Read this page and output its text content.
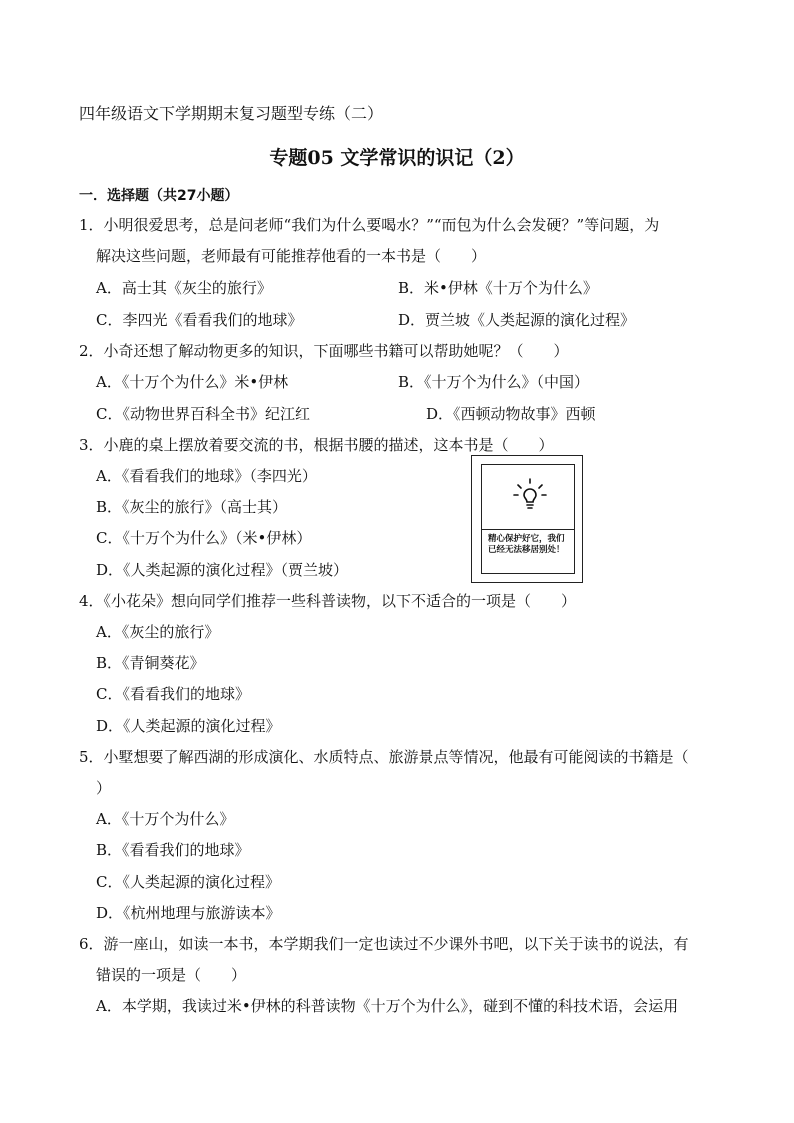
四年级语文下学期期末复习题型专练（二）
专题05 文学常识的识记（2）
一．选择题（共27小题）
1．小明很爱思考，总是问老师“我们为什么要喝水？”“而包为什么会发硬？”等问题，为
解决这些问题，老师最有可能推荐他看的一本书是（　　）
A．高士其《灰尘的旅行》	B．米•伊林《十万个为什么》
C．李四光《看看我们的地球》	D．贾兰坡《人类起源的演化过程》
2．小奇还想了解动物更多的知识，下面哪些书籍可以帮助她呢？（　　）
A．《十万个为什么》米•伊林	B．《十万个为什么》（中国）
C．《动物世界百科全书》纪江红	D．《西顿动物故事》西顿
3．小鹿的桌上摆放着要交流的书，根据书腰的描述，这本书是（　　）
A．《看看我们的地球》（李四光）
B．《灰尘的旅行》（高士其）
C．《十万个为什么》（米•伊林）
D．《人类起源的演化过程》（贾兰坡）
精心保护好它，我们已经无法移居别处！
4．《小花朵》想向同学们推荐一些科普读物，以下不适合的一项是（　　）
A．《灰尘的旅行》
B．《青铜葵花》
C．《看看我们的地球》
D．《人类起源的演化过程》
5．小墅想要了解西湖的形成演化、水质特点、旅游景点等情况，他最有可能阅读的书籍是（
）
A．《十万个为什么》
B．《看看我们的地球》
C．《人类起源的演化过程》
D．《杭州地理与旅游读本》
6．游一座山，如读一本书，本学期我们一定也读过不少课外书吧，以下关于读书的说法，有
错误的一项是（　　）
A．本学期，我读过米•伊林的科普读物《十万个为什么》，碰到不懂的科技术语，会运用
